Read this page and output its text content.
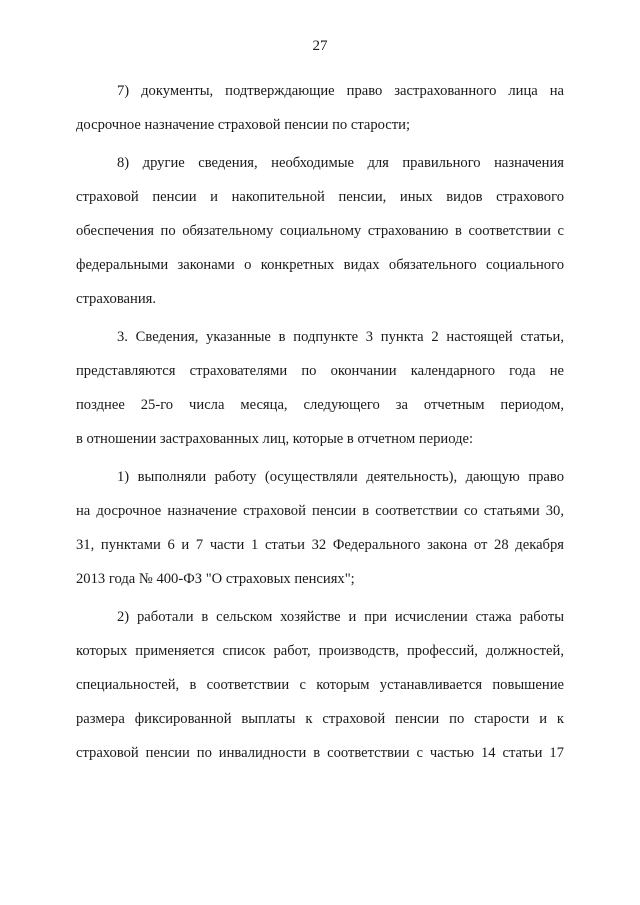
27
7) документы, подтверждающие право застрахованного лица на
досрочное назначение страховой пенсии по старости;
8) другие сведения, необходимые для правильного назначения
страховой пенсии и накопительной пенсии, иных видов страхового
обеспечения по обязательному социальному страхованию в соответствии с
федеральными законами о конкретных видах обязательного социального
страхования.
3. Сведения, указанные в подпункте 3 пункта 2 настоящей статьи,
представляются страхователями по окончании календарного года не
позднее 25-го числа месяца, следующего за отчетным периодом,
в отношении застрахованных лиц, которые в отчетном периоде:
1) выполняли работу (осуществляли деятельность), дающую право
на досрочное назначение страховой пенсии в соответствии со статьями 30,
31, пунктами 6 и 7 части 1 статьи 32 Федерального закона от 28 декабря
2013 года № 400-ФЗ "О страховых пенсиях";
2) работали в сельском хозяйстве и при исчислении стажа работы
которых применяется список работ, производств, профессий, должностей,
специальностей, в соответствии с которым устанавливается повышение
размера фиксированной выплаты к страховой пенсии по старости и к
страховой пенсии по инвалидности в соответствии с частью 14 статьи 17
